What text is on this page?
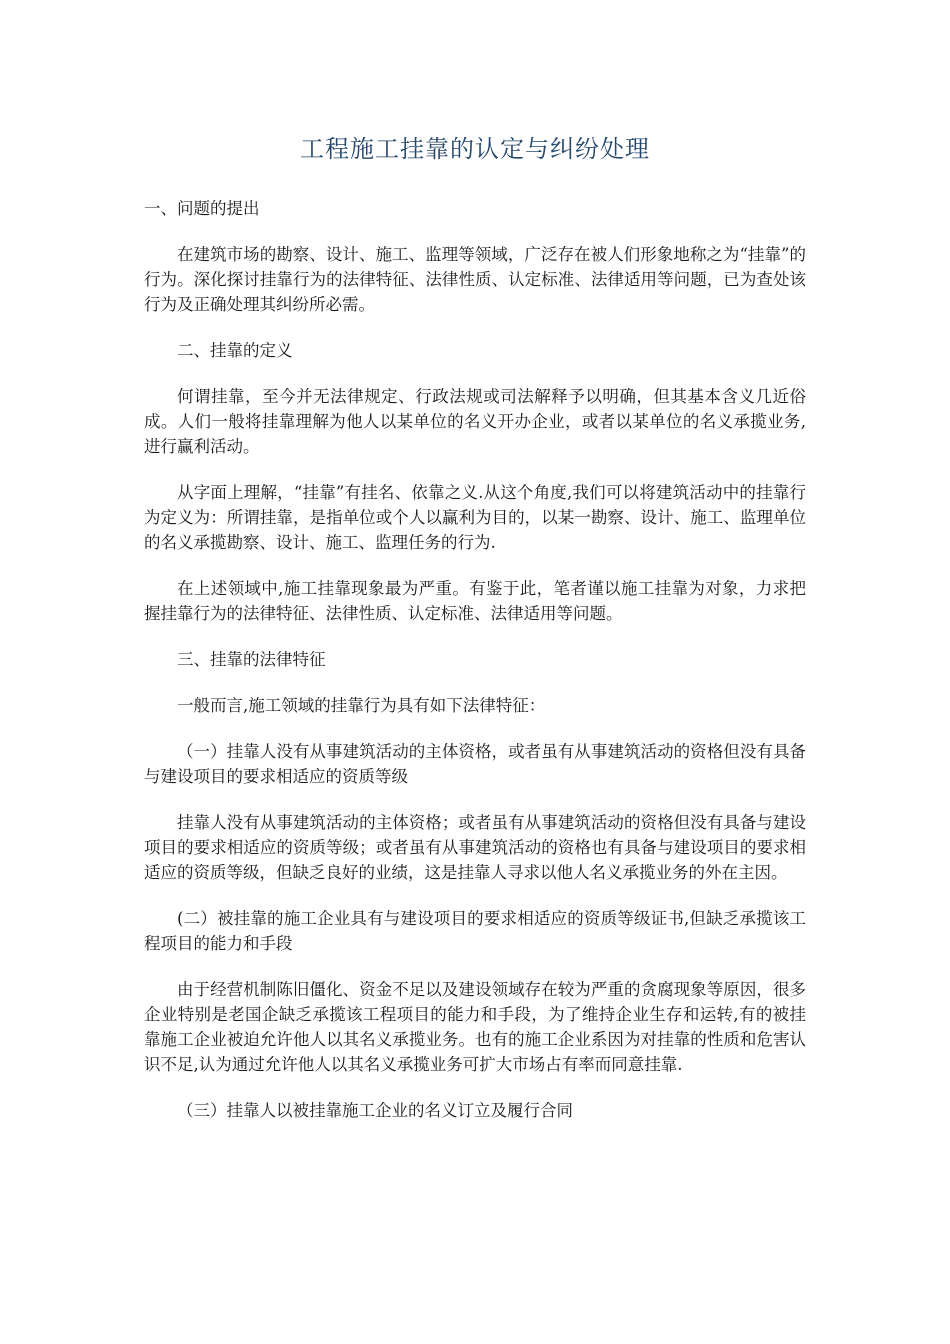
工程施工挂靠的认定与纠纷处理

一、问题的提出

在建筑市场的勘察、设计、施工、监理等领域，广泛存在被人们形象地称之为“挂靠”的行为。深化探讨挂靠行为的法律特征、法律性质、认定标准、法律适用等问题，已为查处该行为及正确处理其纠纷所必需。

二、挂靠的定义

何谓挂靠，至今并无法律规定、行政法规或司法解释予以明确，但其基本含义几近俗成。人们一般将挂靠理解为他人以某单位的名义开办企业，或者以某单位的名义承揽业务,进行赢利活动。

从字面上理解，“挂靠”有挂名、依靠之义.从这个角度,我们可以将建筑活动中的挂靠行为定义为：所谓挂靠，是指单位或个人以赢利为目的，以某一勘察、设计、施工、监理单位的名义承揽勘察、设计、施工、监理任务的行为.

在上述领域中,施工挂靠现象最为严重。有鉴于此，笔者谨以施工挂靠为对象，力求把握挂靠行为的法律特征、法律性质、认定标准、法律适用等问题。

三、挂靠的法律特征

一般而言,施工领域的挂靠行为具有如下法律特征：

（一）挂靠人没有从事建筑活动的主体资格，或者虽有从事建筑活动的资格但没有具备与建设项目的要求相适应的资质等级

挂靠人没有从事建筑活动的主体资格；或者虽有从事建筑活动的资格但没有具备与建设项目的要求相适应的资质等级；或者虽有从事建筑活动的资格也有具备与建设项目的要求相适应的资质等级，但缺乏良好的业绩，这是挂靠人寻求以他人名义承揽业务的外在主因。

(二）被挂靠的施工企业具有与建设项目的要求相适应的资质等级证书,但缺乏承揽该工程项目的能力和手段

由于经营机制陈旧僵化、资金不足以及建设领域存在较为严重的贪腐现象等原因，很多企业特别是老国企缺乏承揽该工程项目的能力和手段，为了维持企业生存和运转,有的被挂靠施工企业被迫允许他人以其名义承揽业务。也有的施工企业系因为对挂靠的性质和危害认识不足,认为通过允许他人以其名义承揽业务可扩大市场占有率而同意挂靠.

（三）挂靠人以被挂靠施工企业的名义订立及履行合同
